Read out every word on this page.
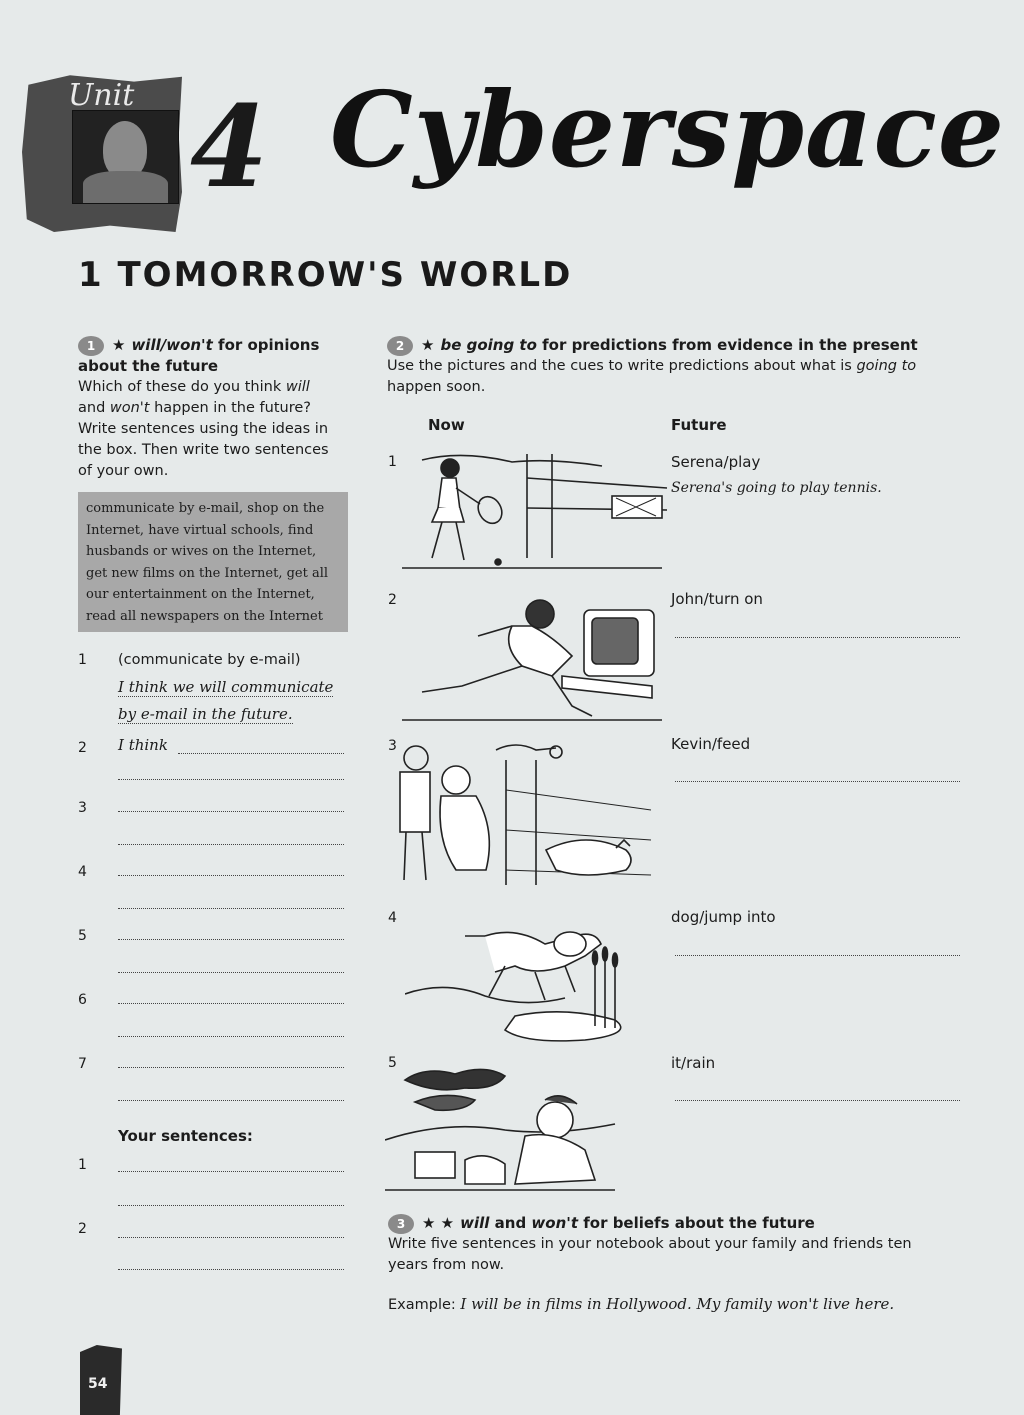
Unit 4 Cyberspace
1 TOMORROW'S WORLD
1 ★ will/won't for opinions
about the future
Which of these do you think will
and won't happen in the future?
Write sentences using the ideas in
the box. Then write two sentences
of your own.
communicate by e-mail, shop on the
Internet, have virtual schools, find
husbands or wives on the Internet,
get new films on the Internet, get all
our entertainment on the Internet,
read all newspapers on the Internet
1 (communicate by e-mail)
I think we will communicate
by e-mail in the future.
2 I think
3
4
5
6
7
Your sentences:
1
2
2 ★ be going to for predictions from evidence in the present
Use the pictures and the cues to write predictions about what is going to
happen soon.
Now	Future
1
2
3
4
5
Serena/play
Serena's going to play tennis.
John/turn on
Kevin/feed
dog/jump into
it/rain
3 ★ ★ will and won't for beliefs about the future
Write five sentences in your notebook about your family and friends ten
years from now.
Example: I will be in films in Hollywood. My family won't live here.
54
